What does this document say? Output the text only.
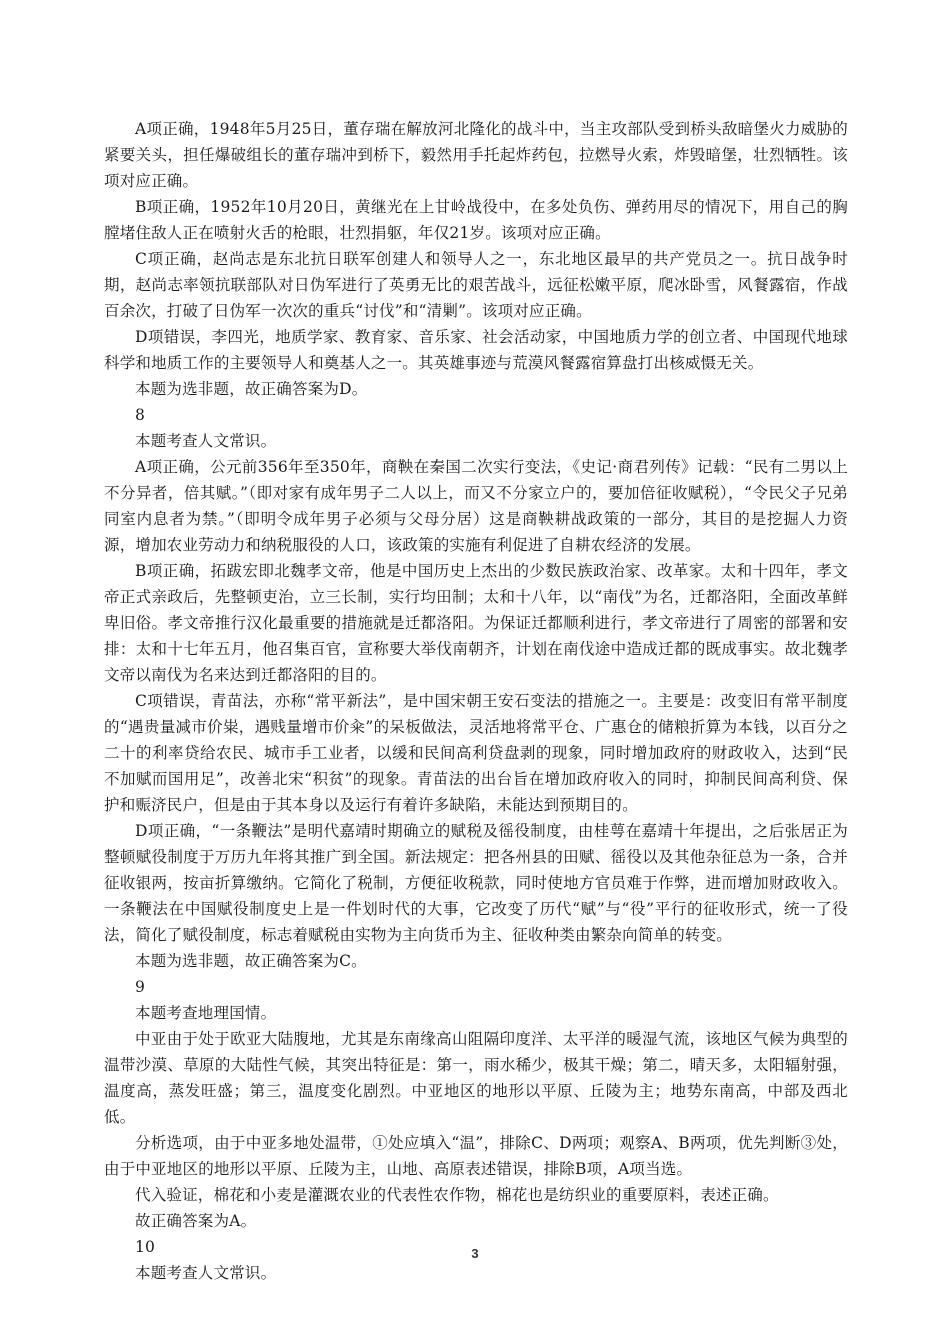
A项正确，1948年5月25日，董存瑞在解放河北隆化的战斗中，当主攻部队受到桥头敌暗堡火力威胁的紧要关头，担任爆破组长的董存瑞冲到桥下，毅然用手托起炸药包，拉燃导火索，炸毁暗堡，壮烈牺牲。该项对应正确。

B项正确，1952年10月20日，黄继光在上甘岭战役中，在多处负伤、弹药用尽的情况下，用自己的胸膛堵住敌人正在喷射火舌的枪眼，壮烈捐躯，年仅21岁。该项对应正确。

C项正确，赵尚志是东北抗日联军创建人和领导人之一，东北地区最早的共产党员之一。抗日战争时期，赵尚志率领抗联部队对日伪军进行了英勇无比的艰苦战斗，远征松嫩平原，爬冰卧雪，风餐露宿，作战百余次，打破了日伪军一次次的重兵“讨伐”和“清剿”。该项对应正确。

D项错误，李四光，地质学家、教育家、音乐家、社会活动家，中国地质力学的创立者、中国现代地球科学和地质工作的主要领导人和奠基人之一。其英雄事迹与荒漠风餐露宿算盘打出核威慑无关。

本题为选非题，故正确答案为D。

8

本题考查人文常识。

A项正确，公元前356年至350年，商鞅在秦国二次实行变法，《史记·商君列传》记载：“民有二男以上不分异者，倍其赋。”（即对家有成年男子二人以上，而又不分家立户的，要加倍征收赋税），“令民父子兄弟同室内息者为禁。”（即明令成年男子必须与父母分居）这是商鞅耕战政策的一部分，其目的是挖掘人力资源，增加农业劳动力和纳税服役的人口，该政策的实施有利促进了自耕农经济的发展。

B项正确，拓跋宏即北魏孝文帝，他是中国历史上杰出的少数民族政治家、改革家。太和十四年，孝文帝正式亲政后，先整顿吏治，立三长制，实行均田制；太和十八年，以“南伐”为名，迁都洛阳，全面改革鲜卑旧俗。孝文帝推行汉化最重要的措施就是迁都洛阳。为保证迁都顺利进行，孝文帝进行了周密的部署和安排：太和十七年五月，他召集百官，宣称要大举伐南朝齐，计划在南伐途中造成迁都的既成事实。故北魏孝文帝以南伐为名来达到迁都洛阳的目的。

C项错误，青苗法，亦称“常平新法”，是中国宋朝王安石变法的措施之一。主要是：改变旧有常平制度的“遇贵量减市价粜，遇贱量增市价籴”的呆板做法，灵活地将常平仓、广惠仓的储粮折算为本钱，以百分之二十的利率贷给农民、城市手工业者，以缓和民间高利贷盘剥的现象，同时增加政府的财政收入，达到“民不加赋而国用足”，改善北宋“积贫”的现象。青苗法的出台旨在增加政府收入的同时，抑制民间高利贷、保护和赈济民户，但是由于其本身以及运行有着许多缺陷，未能达到预期目的。

D项正确，“一条鞭法”是明代嘉靖时期确立的赋税及徭役制度，由桂萼在嘉靖十年提出，之后张居正为整顿赋役制度于万历九年将其推广到全国。新法规定：把各州县的田赋、徭役以及其他杂征总为一条，合并征收银两，按亩折算缴纳。它简化了税制，方便征收税款，同时使地方官员难于作弊，进而增加财政收入。一条鞭法在中国赋役制度史上是一件划时代的大事，它改变了历代“赋”与“役”平行的征收形式，统一了役法，简化了赋役制度，标志着赋税由实物为主向货币为主、征收种类由繁杂向简单的转变。

本题为选非题，故正确答案为C。

9

本题考查地理国情。

中亚由于处于欧亚大陆腹地，尤其是东南缘高山阻隔印度洋、太平洋的暖湿气流，该地区气候为典型的温带沙漠、草原的大陆性气候，其突出特征是：第一，雨水稀少，极其干燥；第二，晴天多，太阳辐射强，温度高，蒸发旺盛；第三，温度变化剧烈。中亚地区的地形以平原、丘陵为主；地势东南高，中部及西北低。

分析选项，由于中亚多地处温带，①处应填入“温”，排除C、D两项；观察A、B两项，优先判断③处，由于中亚地区的地形以平原、丘陵为主，山地、高原表述错误，排除B项，A项当选。

代入验证，棉花和小麦是灌溉农业的代表性农作物，棉花也是纺织业的重要原料，表述正确。

故正确答案为A。

10

本题考查人文常识。

3
